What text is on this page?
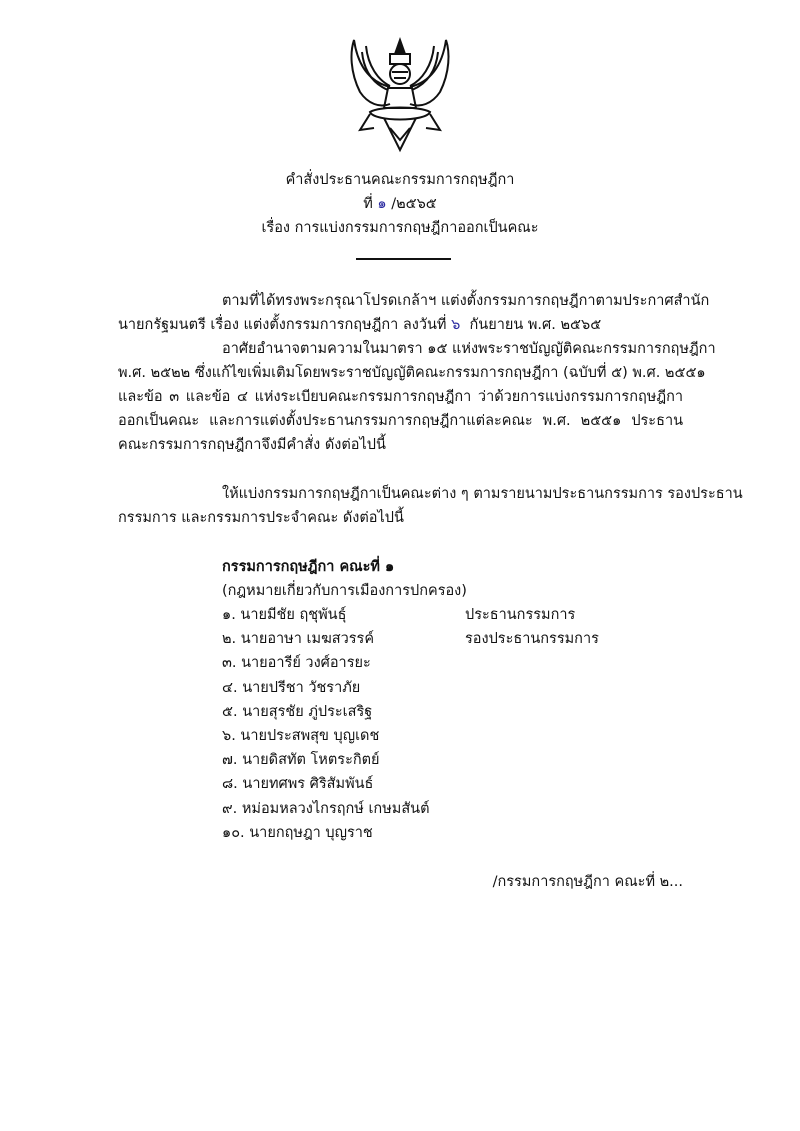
คำสั่งประธานคณะกรรมการกฤษฎีกา
ที่ ๑ /๒๕๖๕
เรื่อง การแบ่งกรรมการกฤษฎีกาออกเป็นคณะ
ตามที่ได้ทรงพระกรุณาโปรดเกล้าฯ แต่งตั้งกรรมการกฤษฎีกาตามประกาศสำนัก
นายกรัฐมนตรี เรื่อง แต่งตั้งกรรมการกฤษฎีกา ลงวันที่ ๖ กันยายน พ.ศ. ๒๕๖๕
อาศัยอำนาจตามความในมาตรา ๑๕ แห่งพระราชบัญญัติคณะกรรมการกฤษฎีกา
พ.ศ. ๒๕๒๒ ซึ่งแก้ไขเพิ่มเติมโดยพระราชบัญญัติคณะกรรมการกฤษฎีกา (ฉบับที่ ๕) พ.ศ. ๒๕๕๑
และข้อ ๓ และข้อ ๔ แห่งระเบียบคณะกรรมการกฤษฎีกา ว่าด้วยการแบ่งกรรมการกฤษฎีกา
ออกเป็นคณะ และการแต่งตั้งประธานกรรมการกฤษฎีกาแต่ละคณะ พ.ศ. ๒๕๕๑ ประธาน
คณะกรรมการกฤษฎีกาจึงมีคำสั่ง ดังต่อไปนี้
ให้แบ่งกรรมการกฤษฎีกาเป็นคณะต่าง ๆ ตามรายนามประธานกรรมการ รองประธาน
กรรมการ และกรรมการประจำคณะ ดังต่อไปนี้
กรรมการกฤษฎีกา คณะที่ ๑
(กฎหมายเกี่ยวกับการเมืองการปกครอง)
๑. นายมีชัย ฤชุพันธุ์	ประธานกรรมการ
๒. นายอาษา เมฆสวรรค์	รองประธานกรรมการ
๓. นายอารีย์ วงศ์อารยะ
๔. นายปรีชา วัชราภัย
๕. นายสุรชัย ภู่ประเสริฐ
๖. นายประสพสุข บุญเดช
๗. นายดิสทัต โหตระกิตย์
๘. นายทศพร ศิริสัมพันธ์
๙. หม่อมหลวงไกรฤกษ์ เกษมสันต์
๑๐. นายกฤษฎา บุญราช
/กรรมการกฤษฎีกา คณะที่ ๒...
